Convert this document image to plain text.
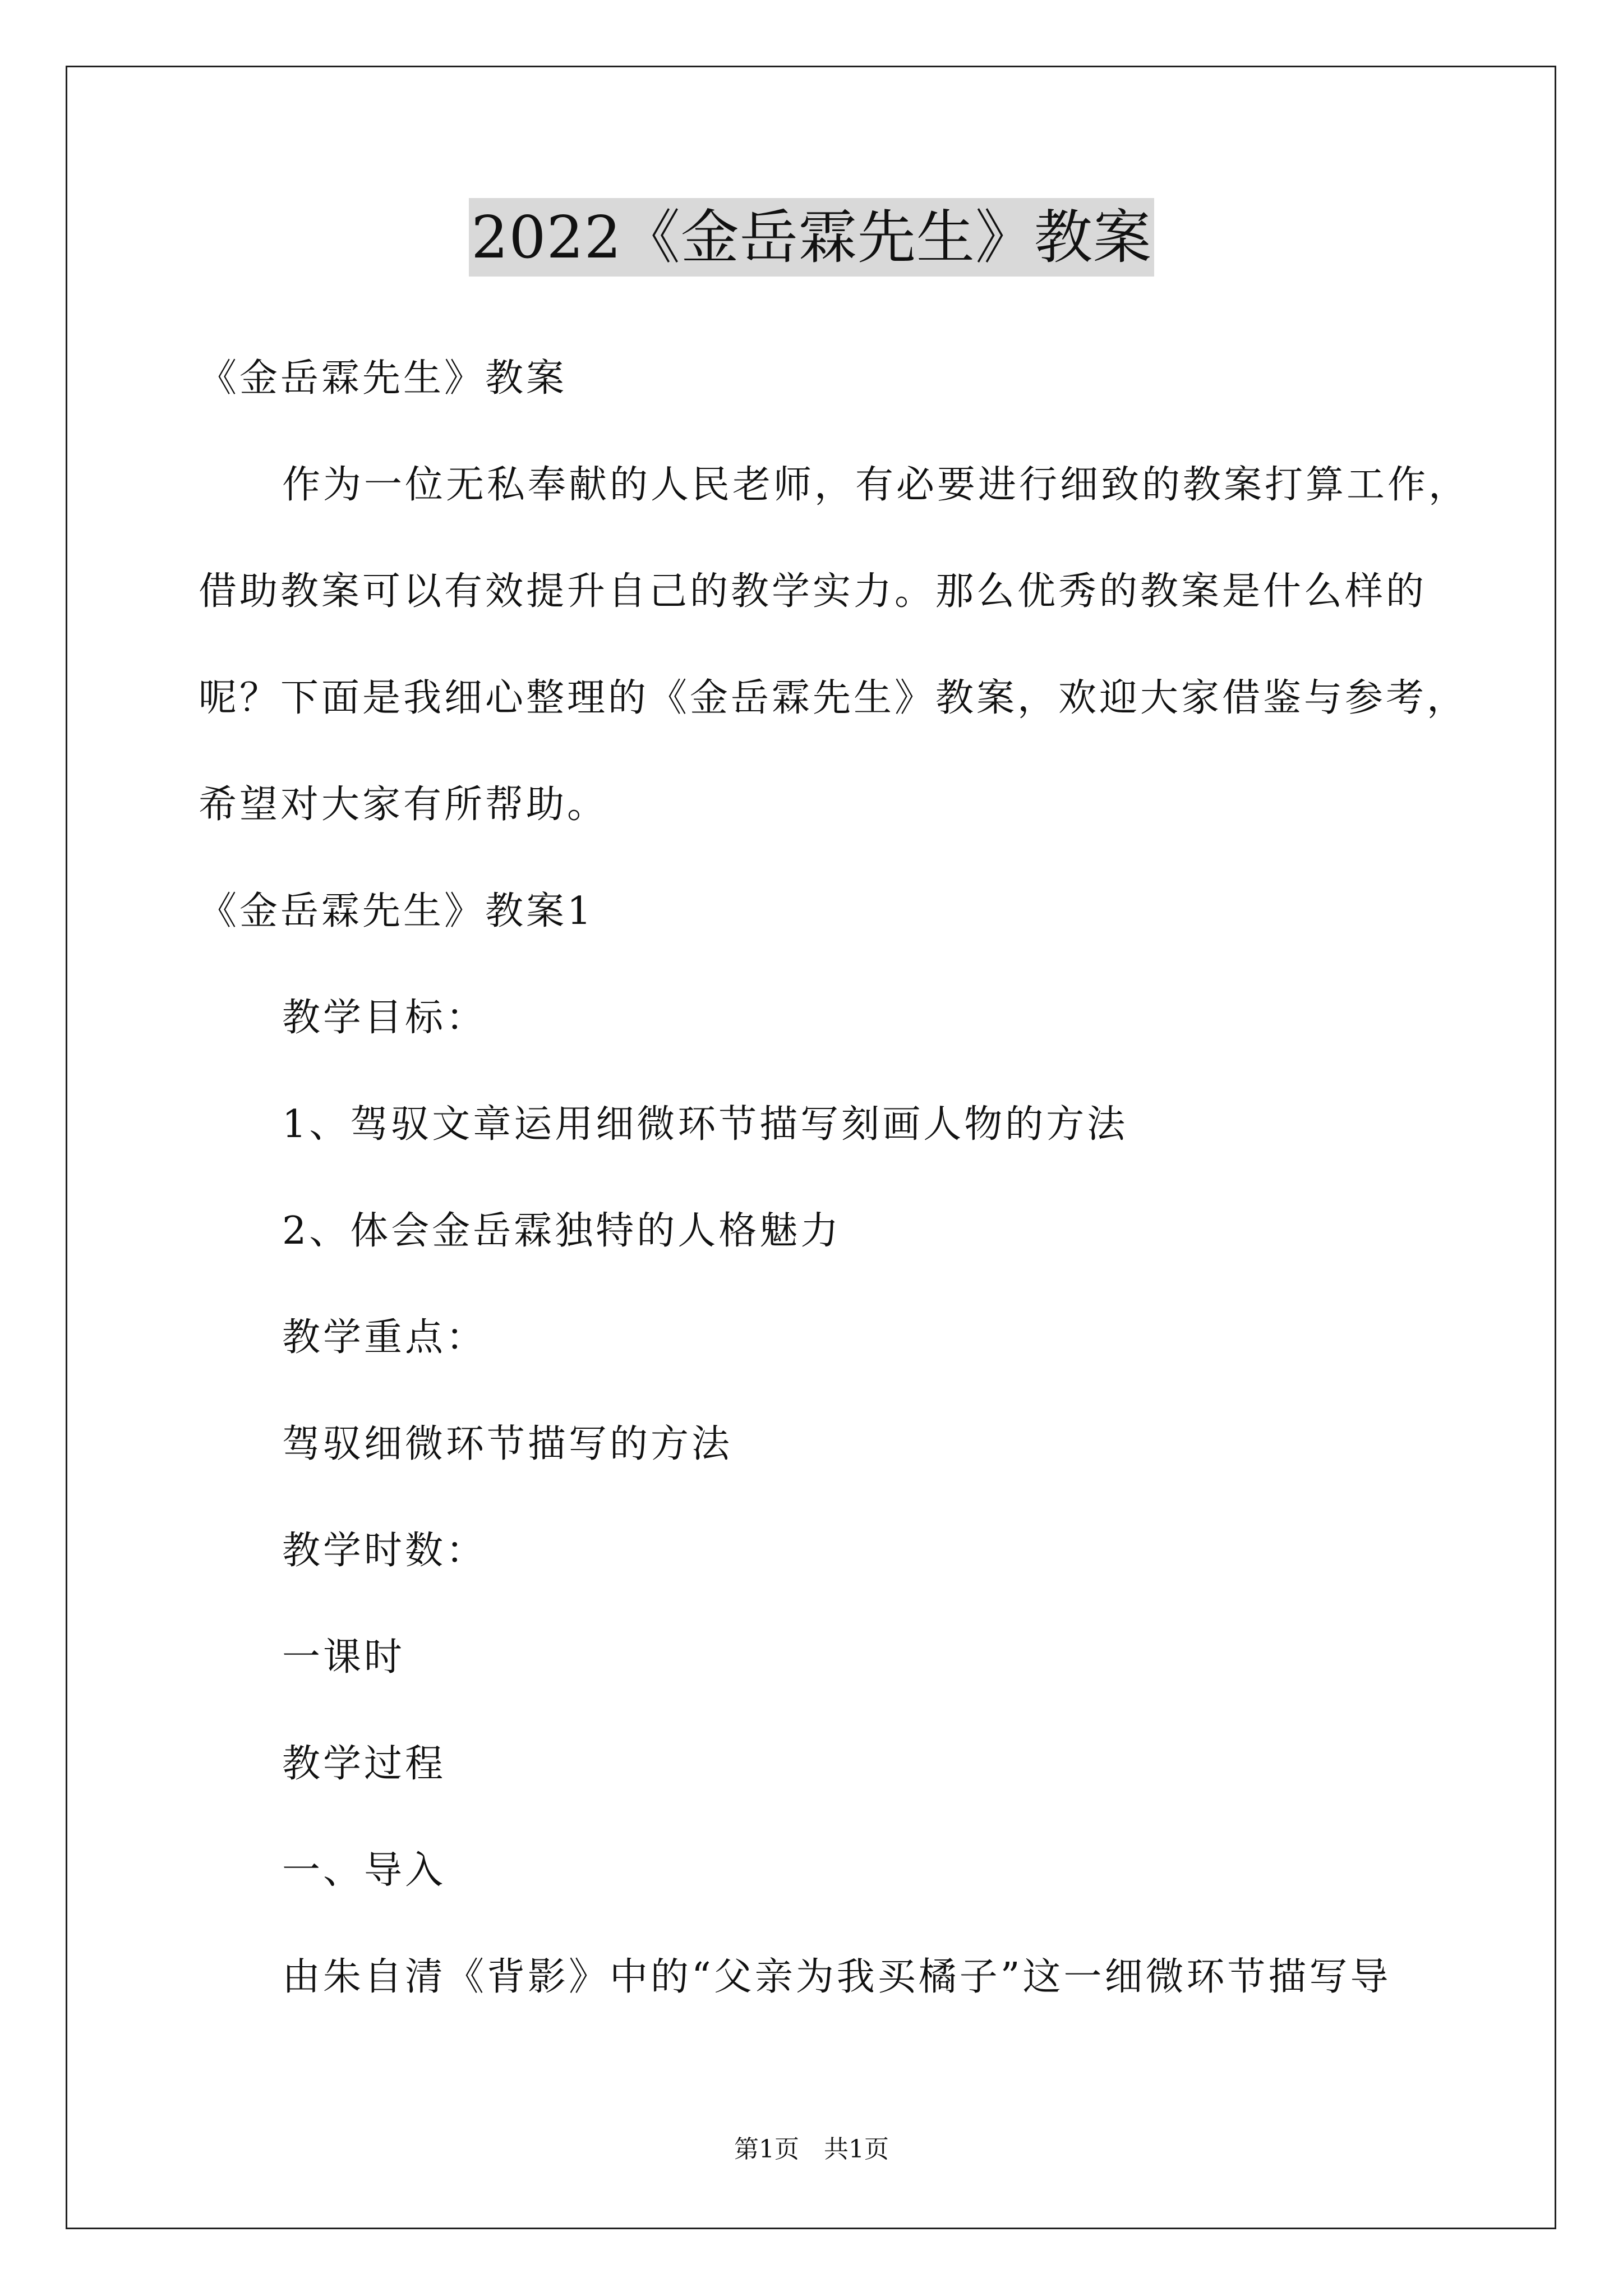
2022《金岳霖先生》教案
《金岳霖先生》教案
作为一位无私奉献的人民老师，有必要进行细致的教案打算工作，
借助教案可以有效提升自己的教学实力。那么优秀的教案是什么样的
呢？下面是我细心整理的《金岳霖先生》教案，欢迎大家借鉴与参考，
希望对大家有所帮助。
《金岳霖先生》教案1
教学目标：
1、驾驭文章运用细微环节描写刻画人物的方法
2、体会金岳霖独特的人格魅力
教学重点：
驾驭细微环节描写的方法
教学时数：
一课时
教学过程
一、导入
由朱自清《背影》中的“父亲为我买橘子”这一细微环节描写导
第1页　共1页
